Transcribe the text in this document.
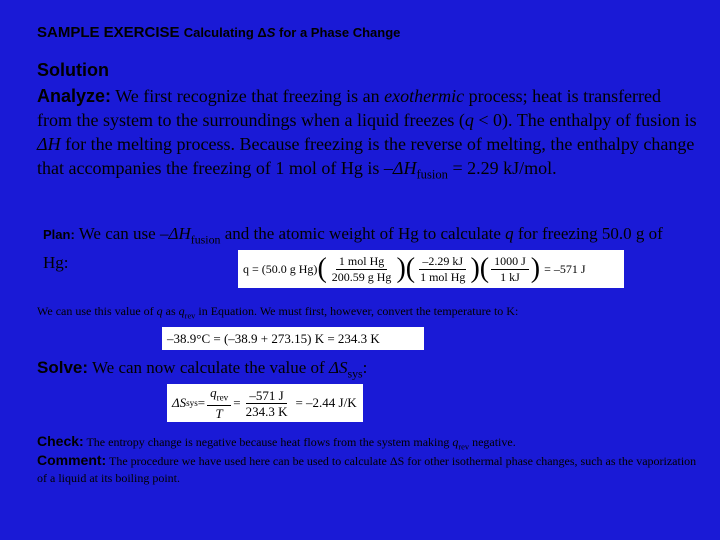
SAMPLE EXERCISE Calculating ΔS for a Phase Change
Solution
Analyze: We first recognize that freezing is an exothermic process; heat is transferred from the system to the surroundings when a liquid freezes (q < 0). The enthalpy of fusion is ΔH for the melting process. Because freezing is the reverse of melting, the enthalpy change that accompanies the freezing of 1 mol of Hg is $-\Delta H_{fusion} = 2.29$ kJ/mol.
Plan: We can use $-\Delta H_{fusion}$ and the atomic weight of Hg to calculate q for freezing 50.0 g of Hg:	q = (50.0 g Hg) ( $\frac{\text{1 mol Hg}}{\text{200.59 g Hg}}$ ) ( $\frac{-2.29 kJ}{\text{1 mol Hg}}$ ) ( $\frac{1000 J}{1 kJ}$ ) = –571 J
We can use this value of q as $q_{rev}$ in Equation. We must first, however, convert the temperature to K:
–38.9°C = (–38.9 + 273.15) K = 234.3 K
Solve: We can now calculate the value of $\Delta S_{sys}$:
ΔS sys = $\frac{q_{rev}}{T} = \frac{-571 J}{234.3 K} = -2.44$ J/K
Check: The entropy change is negative because heat flows from the system making $q_{rev}$ negative.
Comment: The procedure we have used here can be used to calculate ΔS for other isothermal phase changes, such as the vaporization of a liquid at its boiling point.
